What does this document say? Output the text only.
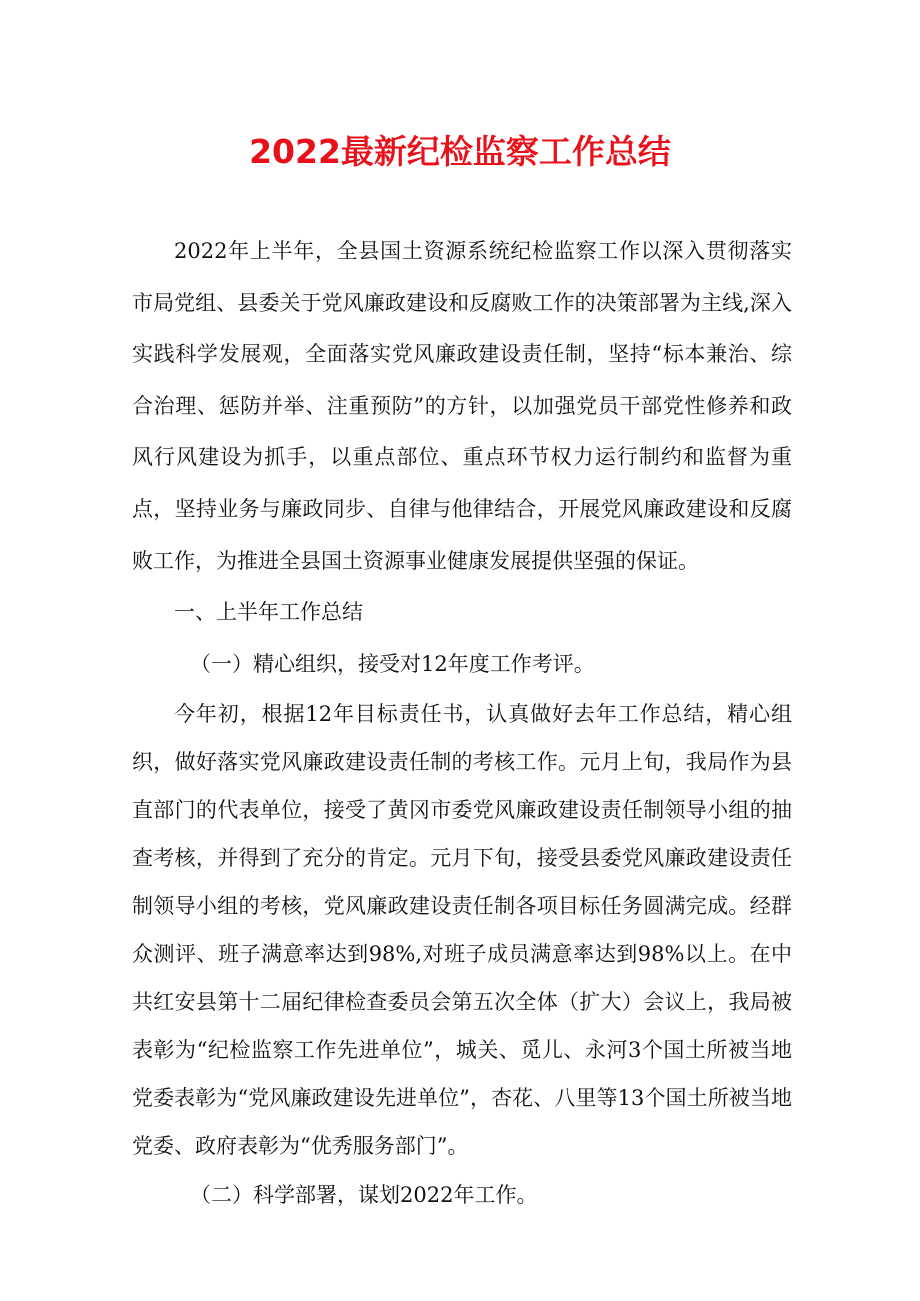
2022最新纪检监察工作总结

2022年上半年，全县国土资源系统纪检监察工作以深入贯彻落实市局党组、县委关于党风廉政建设和反腐败工作的决策部署为主线,深入实践科学发展观，全面落实党风廉政建设责任制，坚持“标本兼治、综合治理、惩防并举、注重预防”的方针，以加强党员干部党性修养和政风行风建设为抓手，以重点部位、重点环节权力运行制约和监督为重点，坚持业务与廉政同步、自律与他律结合，开展党风廉政建设和反腐败工作，为推进全县国土资源事业健康发展提供坚强的保证。

一、上半年工作总结

（一）精心组织，接受对12年度工作考评。

今年初，根据12年目标责任书，认真做好去年工作总结，精心组织，做好落实党风廉政建设责任制的考核工作。元月上旬，我局作为县直部门的代表单位，接受了黄冈市委党风廉政建设责任制领导小组的抽查考核，并得到了充分的肯定。元月下旬，接受县委党风廉政建设责任制领导小组的考核，党风廉政建设责任制各项目标任务圆满完成。经群众测评、班子满意率达到98%,对班子成员满意率达到98%以上。在中共红安县第十二届纪律检查委员会第五次全体（扩大）会议上，我局被表彰为“纪检监察工作先进单位”，城关、觅儿、永河3个国土所被当地党委表彰为“党风廉政建设先进单位”，杏花、八里等13个国土所被当地党委、政府表彰为“优秀服务部门”。

（二）科学部署，谋划2022年工作。
